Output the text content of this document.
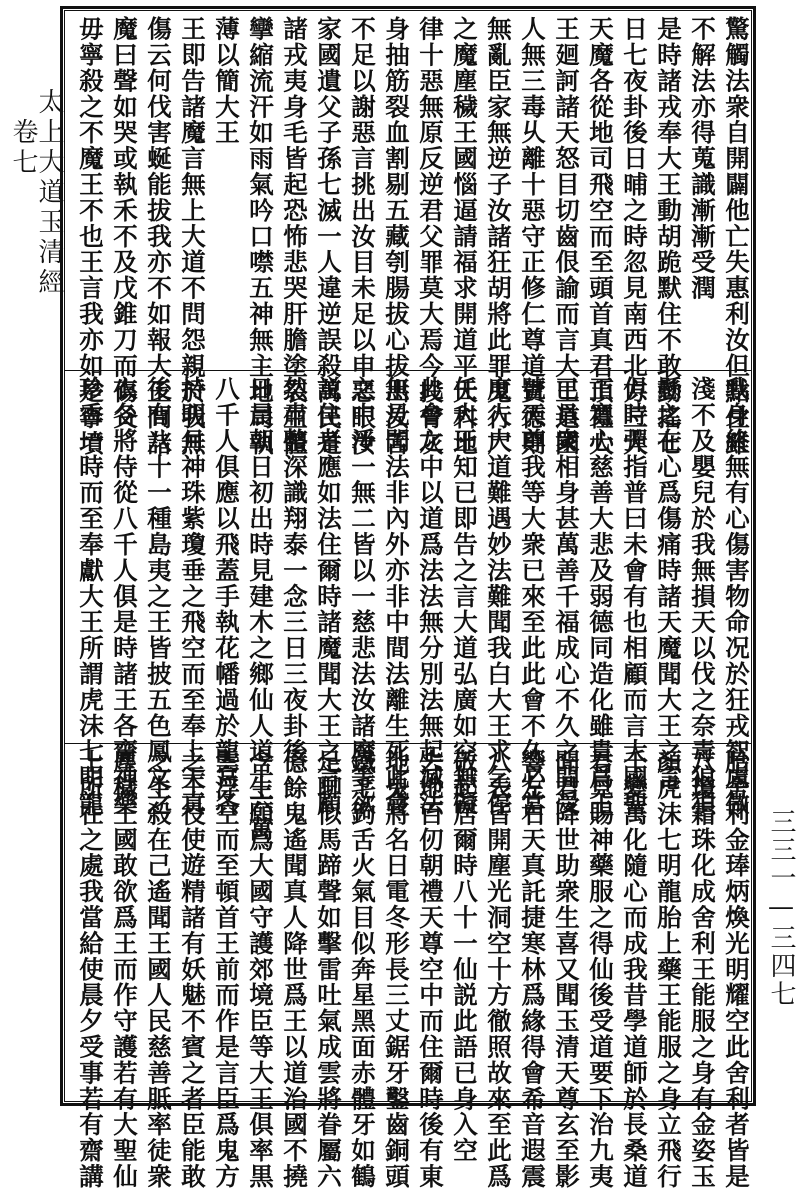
太上大道玉清經
卷七	驚觸法衆自開闢他亡失惠利汝但點住雖
不解法亦得蒐識漸漸受潤
是時諸戎奉大王動胡跪默住不敢動搖七
日七夜卦後日晡之時忽見南西北方三大
天魔各從地司飛空而至頭首真君頂禮大
王廻訶諸天怒目切齒佷諭而言大王道國
人無三毒乆離十惡守正修仁尊道貴德則
無亂臣家無逆子汝諸狂胡將此罪鬼行尸
之魔塵穢王國惱逼請福求開道平天科地
律十惡無原反逆君父罪莫大焉今投骨灰
身抽筋裂血割剔五藏刳腸拔心拔出汝舌
不足以謝惡言挑出汝目未足以申惡眼汝
家國遺父子孫七滅一人違逆誤殺萬民是
諸戎夷身毛皆起恐怖悲哭肝膽塗裂生體
攣縮流汗如雨氣吟口噤五神無主地司執
薄以簡大王
王即告諸魔言無上大道不問怨親於我無
傷云何伐害蜒能拔我亦不如報大王問諸
魔曰聲如哭或執禾不及戊錐刀而傷父
毋寧殺之不魔王不也王言我亦如是寧墳
我身終無有心傷害物命况於狂戎智慮微
淺不及嬰兒於我無損天以伐之奈毒狼狽
懸之在心爲傷痛時諸天魔聞大王之言
俱時彈指普曰未會有也相顧而言大國聖
王寬心慈善大悲及弱德同造化雖貴爲王
已具衆相身甚萬善千福成心不久之間受
號天尊我等大衆已來至此此會不久必當
度人大道難遇妙法難聞我白大王求乞停
任大王知已即告之言大道弘廣如空無礙
此會之中以道爲法法無分別法無起滅法
無見聞法非內外亦非中間法離生死此會
之中淨一無二皆以一慈悲法汝諸魔等欲
説住者應如法住爾時諸魔聞大王之言顧
然肅整深識翔泰一念三日三夜卦後
日晨朝日初出時見建木之鄉仙人道士六萬
八千人俱應以飛蓋手執花幡過於龍宮各
持明月神珠紫瓊垂之飛空而至奉上天真
後有八十一種島夷之王皆披五色鳳文之
衣各將侍從八千人俱是時諸王各齎神藥
珍香一時而至奉獻大王所謂虎沫七明龍
胎舍利金琫炳煥光明耀空此舍利者皆是
八瓊霜珠化成舍利王能服之身有金姿玉
顏虎沫七明龍胎上藥王能服之身立飛行
千變萬化隨心而成我昔學道師於長桑道
君見賜神藥服之得仙後受道要下治九夷
聞君降世助衆生喜又聞玉清天尊玄至影
響左右天真託捷寒林爲緣得會希音遐震
八表皆開塵光洞空十方徹照故來至此爲
敬起居爾時八十一仙説此語已身入空
去地百仞朝禮天尊空中而住爾時後有東
地鬼將名日電冬形長三丈鋸牙鑿齒銅頭
鐵毛鉤舌火氣目似奔星黑面赤體牙如鶴
足聊似馬蹄聲如擊雷吐氣成雲將眷屬六
億餘鬼遙聞真人降世爲王以道治國不撓
含生願爲大國守護郊境臣等大王俱率黒
雲浮空而至頓首王前而作是言臣爲鬼方
之王役使遊精諸有妖魅不賓之者臣能敢
之生殺在己遙聞王國人民慈善胝率徒衆
塵穢王國敢欲爲王而作守護若有大聖仙
士所在之處我當給使晨夕受事若有齋講	三三一—三四七
